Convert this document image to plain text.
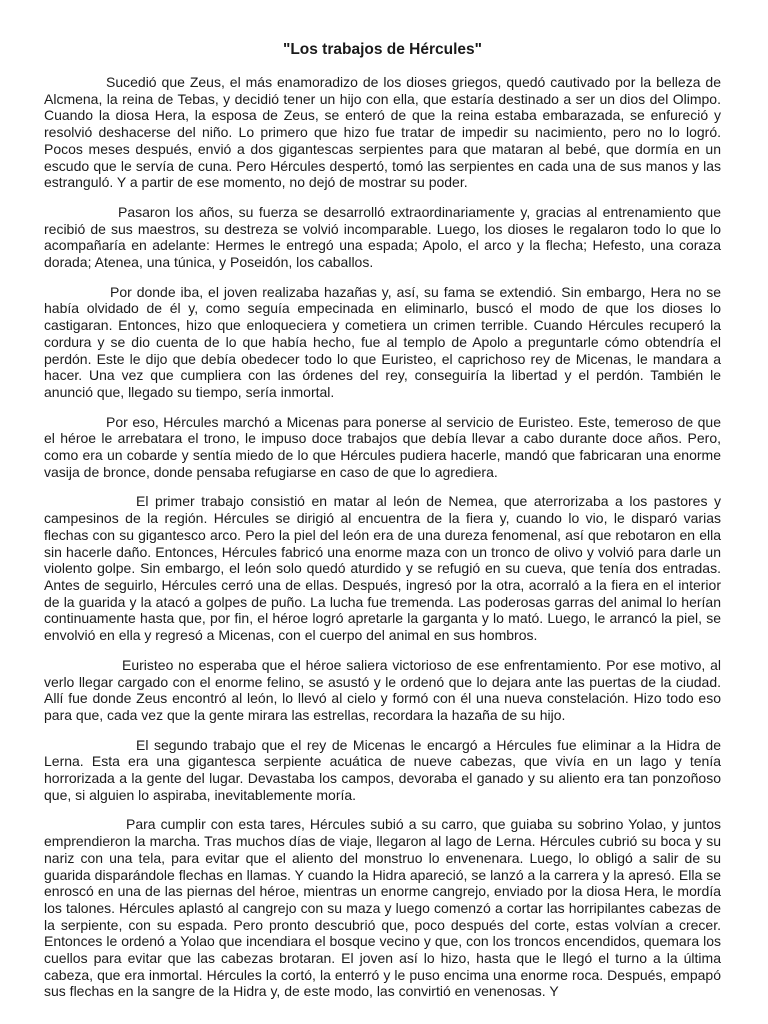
"Los trabajos de Hércules"

Sucedió que Zeus, el más enamoradizo de los dioses griegos, quedó cautivado por la belleza de Alcmena, la reina de Tebas, y decidió tener un hijo con ella, que estaría destinado a ser un dios del Olimpo. Cuando la diosa Hera, la esposa de Zeus, se enteró de que la reina estaba embarazada, se enfureció y resolvió deshacerse del niño. Lo primero que hizo fue tratar de impedir su nacimiento, pero no lo logró. Pocos meses después, envió a dos gigantescas serpientes para que mataran al bebé, que dormía en un escudo que le servía de cuna. Pero Hércules despertó, tomó las serpientes en cada una de sus manos y las estranguló. Y a partir de ese momento, no dejó de mostrar su poder.

Pasaron los años, su fuerza se desarrolló extraordinariamente y, gracias al entrenamiento que recibió de sus maestros, su destreza se volvió incomparable. Luego, los dioses le regalaron todo lo que lo acompañaría en adelante: Hermes le entregó una espada; Apolo, el arco y la flecha; Hefesto, una coraza dorada; Atenea, una túnica, y Poseidón, los caballos.

Por donde iba, el joven realizaba hazañas y, así, su fama se extendió. Sin embargo, Hera no se había olvidado de él y, como seguía empecinada en eliminarlo, buscó el modo de que los dioses lo castigaran. Entonces, hizo que enloqueciera y cometiera un crimen terrible. Cuando Hércules recuperó la cordura y se dio cuenta de lo que había hecho, fue al templo de Apolo a preguntarle cómo obtendría el perdón. Este le dijo que debía obedecer todo lo que Euristeo, el caprichoso rey de Micenas, le mandara a hacer. Una vez que cumpliera con las órdenes del rey, conseguiría la libertad y el perdón. También le anunció que, llegado su tiempo, sería inmortal.

Por eso, Hércules marchó a Micenas para ponerse al servicio de Euristeo. Este, temeroso de que el héroe le arrebatara el trono, le impuso doce trabajos que debía llevar a cabo durante doce años. Pero, como era un cobarde y sentía miedo de lo que Hércules pudiera hacerle, mandó que fabricaran una enorme vasija de bronce, donde pensaba refugiarse en caso de que lo agrediera.

El primer trabajo consistió en matar al león de Nemea, que aterrorizaba a los pastores y campesinos de la región. Hércules se dirigió al encuentra de la fiera y, cuando lo vio, le disparó varias flechas con su gigantesco arco. Pero la piel del león era de una dureza fenomenal, así que rebotaron en ella sin hacerle daño. Entonces, Hércules fabricó una enorme maza con un tronco de olivo y volvió para darle un violento golpe. Sin embargo, el león solo quedó aturdido y se refugió en su cueva, que tenía dos entradas. Antes de seguirlo, Hércules cerró una de ellas. Después, ingresó por la otra, acorraló a la fiera en el interior de la guarida y la atacó a golpes de puño. La lucha fue tremenda. Las poderosas garras del animal lo herían continuamente hasta que, por fin, el héroe logró apretarle la garganta y lo mató. Luego, le arrancó la piel, se envolvió en ella y regresó a Micenas, con el cuerpo del animal en sus hombros.

Euristeo no esperaba que el héroe saliera victorioso de ese enfrentamiento. Por ese motivo, al verlo llegar cargado con el enorme felino, se asustó y le ordenó que lo dejara ante las puertas de la ciudad. Allí fue donde Zeus encontró al león, lo llevó al cielo y formó con él una nueva constelación. Hizo todo eso para que, cada vez que la gente mirara las estrellas, recordara la hazaña de su hijo.

El segundo trabajo que el rey de Micenas le encargó a Hércules fue eliminar a la Hidra de Lerna. Esta era una gigantesca serpiente acuática de nueve cabezas, que vivía en un lago y tenía horrorizada a la gente del lugar. Devastaba los campos, devoraba el ganado y su aliento era tan ponzoñoso que, si alguien lo aspiraba, inevitablemente moría.

Para cumplir con esta tares, Hércules subió a su carro, que guiaba su sobrino Yolao, y juntos emprendieron la marcha. Tras muchos días de viaje, llegaron al lago de Lerna. Hércules cubrió su boca y su nariz con una tela, para evitar que el aliento del monstruo lo envenenara. Luego, lo obligó a salir de su guarida disparándole flechas en llamas. Y cuando la Hidra apareció, se lanzó a la carrera y la apresó. Ella se enroscó en una de las piernas del héroe, mientras un enorme cangrejo, enviado por la diosa Hera, le mordía los talones. Hércules aplastó al cangrejo con su maza y luego comenzó a cortar las horripilantes cabezas de la serpiente, con su espada. Pero pronto descubrió que, poco después del corte, estas volvían a crecer. Entonces le ordenó a Yolao que incendiara el bosque vecino y que, con los troncos encendidos, quemara los cuellos para evitar que las cabezas brotaran. El joven así lo hizo, hasta que le llegó el turno a la última cabeza, que era inmortal. Hércules la cortó, la enterró y le puso encima una enorme roca. Después, empapó sus flechas en la sangre de la Hidra y, de este modo, las convirtió en venenosas. Y
